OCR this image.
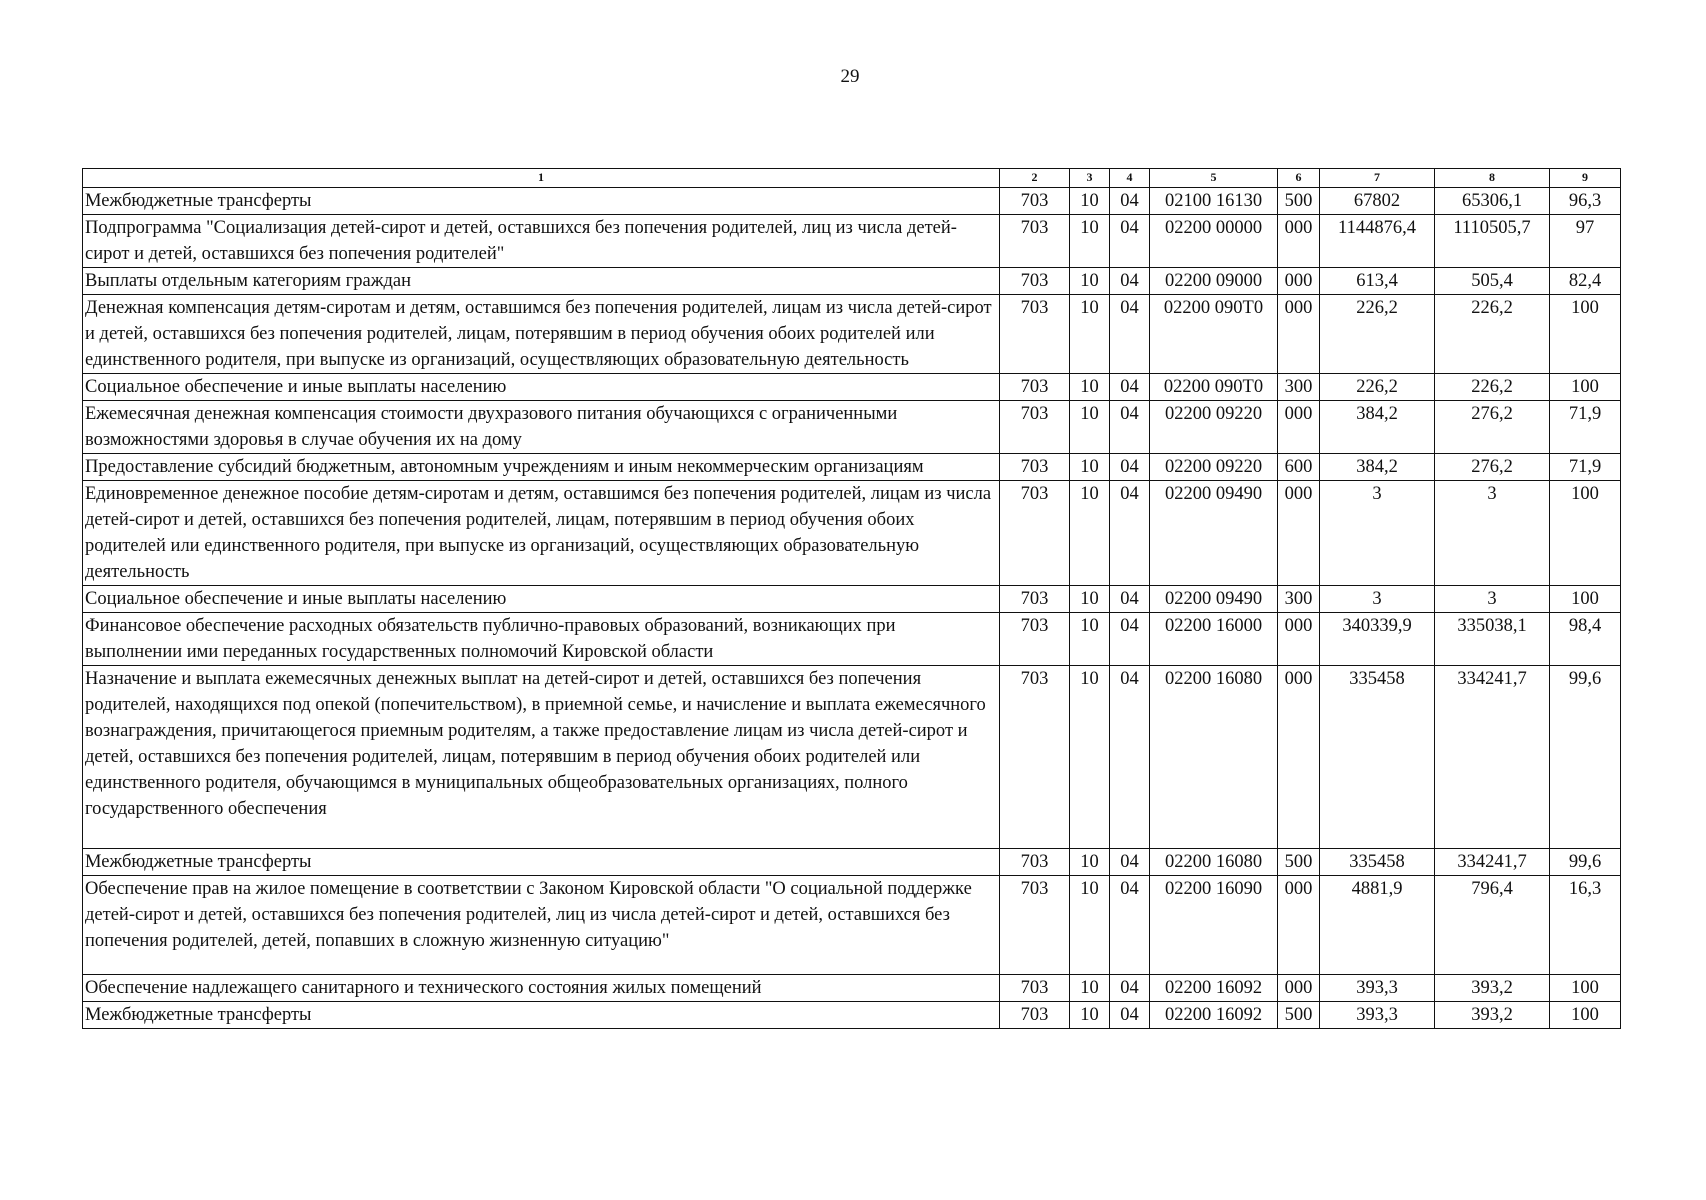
29
1	2	3	4	5	6	7	8	9
Межбюджетные трансферты	703	10	04	02100 16130	500	67802	65306,1	96,3
Подпрограмма "Социализация детей-сирот и детей, оставшихся без попечения родителей, лиц из числа детей-сирот и детей, оставшихся без попечения родителей"	703	10	04	02200 00000	000	1144876,4	1110505,7	97
Выплаты отдельным категориям граждан	703	10	04	02200 09000	000	613,4	505,4	82,4
Денежная компенсация детям-сиротам и детям, оставшимся без попечения родителей, лицам из числа детей-сирот и детей, оставшихся без попечения родителей, лицам, потерявшим в период обучения обоих родителей или единственного родителя, при выпуске из организаций, осуществляющих образовательную деятельность	703	10	04	02200 090Т0	000	226,2	226,2	100
Социальное обеспечение и иные выплаты населению	703	10	04	02200 090Т0	300	226,2	226,2	100
Ежемесячная денежная компенсация стоимости двухразового питания обучающихся с ограниченными возможностями здоровья в случае обучения их на дому	703	10	04	02200 09220	000	384,2	276,2	71,9
Предоставление субсидий бюджетным, автономным учреждениям и иным некоммерческим организациям	703	10	04	02200 09220	600	384,2	276,2	71,9
Единовременное денежное пособие детям-сиротам и детям, оставшимся без попечения родителей, лицам из числа детей-сирот и детей, оставшихся без попечения родителей, лицам, потерявшим в период обучения обоих родителей или единственного родителя, при выпуске из организаций, осуществляющих образовательную деятельность	703	10	04	02200 09490	000	3	3	100
Социальное обеспечение и иные выплаты населению	703	10	04	02200 09490	300	3	3	100
Финансовое обеспечение расходных обязательств публично-правовых образований, возникающих при выполнении ими переданных государственных полномочий Кировской области	703	10	04	02200 16000	000	340339,9	335038,1	98,4
Назначение и выплата ежемесячных денежных выплат на детей-сирот и детей, оставшихся без попечения родителей, находящихся под опекой (попечительством), в приемной семье, и начисление и выплата ежемесячного вознаграждения, причитающегося приемным родителям, а также предоставление лицам из числа детей-сирот и детей, оставшихся без попечения родителей, лицам, потерявшим в период обучения обоих родителей или единственного родителя, обучающимся в муниципальных общеобразовательных организациях, полного государственного обеспечения	703	10	04	02200 16080	000	335458	334241,7	99,6
Межбюджетные трансферты	703	10	04	02200 16080	500	335458	334241,7	99,6
Обеспечение прав на жилое помещение в соответствии с Законом Кировской области "О социальной поддержке детей-сирот и детей, оставшихся без попечения родителей, лиц из числа детей-сирот и детей, оставшихся без попечения родителей, детей, попавших в сложную жизненную ситуацию"	703	10	04	02200 16090	000	4881,9	796,4	16,3
Обеспечение надлежащего санитарного и технического состояния жилых помещений	703	10	04	02200 16092	000	393,3	393,2	100
Межбюджетные трансферты	703	10	04	02200 16092	500	393,3	393,2	100
